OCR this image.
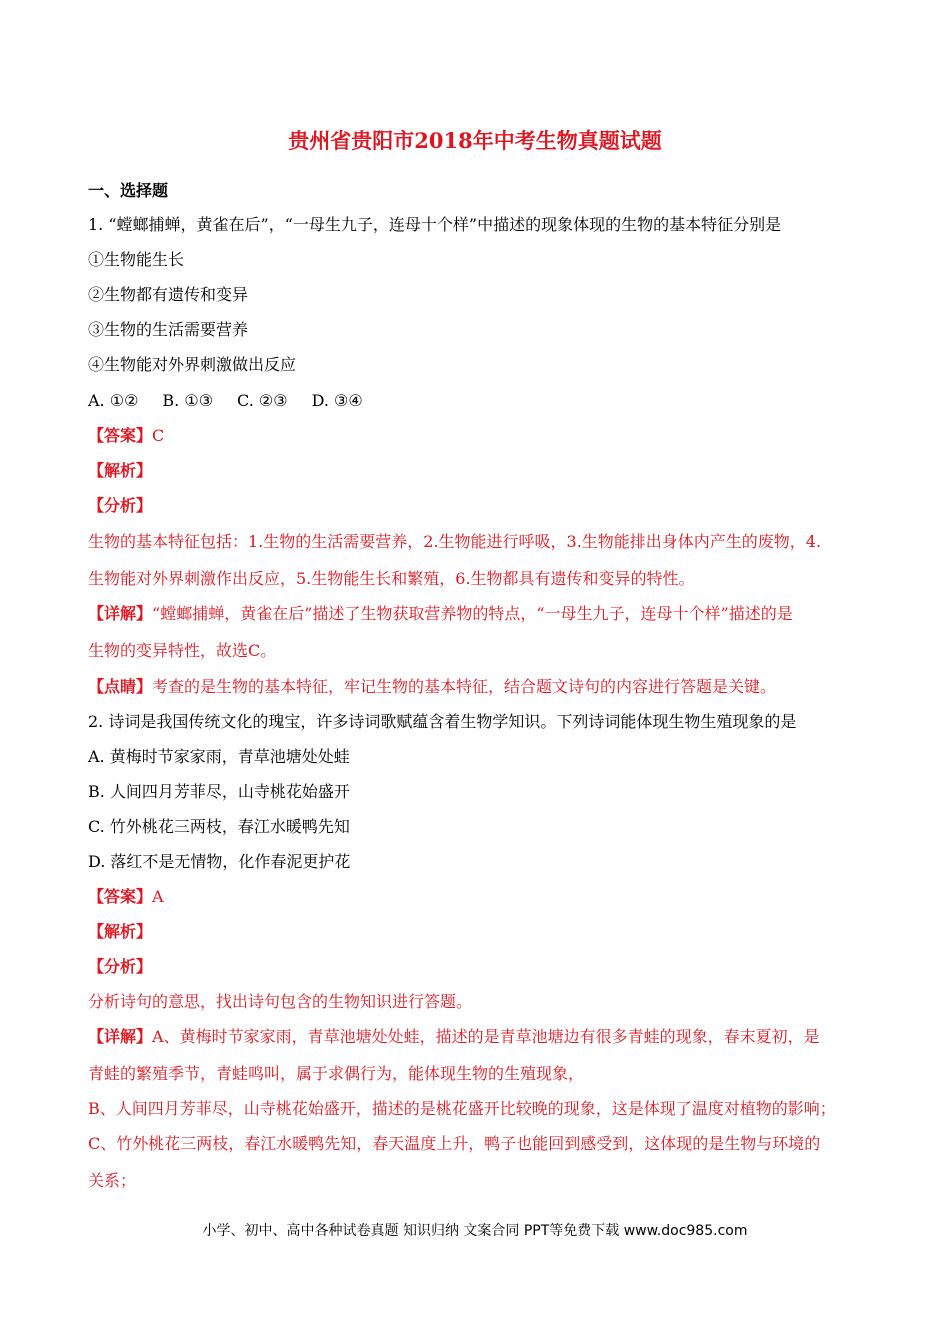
贵州省贵阳市2018年中考生物真题试题
一、选择题
1. “螳螂捕蝉，黄雀在后”，“一母生九子，连母十个样”中描述的现象体现的生物的基本特征分别是
①生物能生长
②生物都有遗传和变异
③生物的生活需要营养
④生物能对外界刺激做出反应
A. ①② B. ①③ C. ②③ D. ③④
【答案】C
【解析】
【分析】
生物的基本特征包括：1.生物的生活需要营养，2.生物能进行呼吸，3.生物能排出身体内产生的废物，4.
生物能对外界刺激作出反应，5.生物能生长和繁殖，6.生物都具有遗传和变异的特性。
【详解】“螳螂捕蝉，黄雀在后”描述了生物获取营养物的特点，“一母生九子，连母十个样”描述的是
生物的变异特性，故选C。
【点睛】考查的是生物的基本特征，牢记生物的基本特征，结合题文诗句的内容进行答题是关键。
2. 诗词是我国传统文化的瑰宝，许多诗词歌赋蕴含着生物学知识。下列诗词能体现生物生殖现象的是
A. 黄梅时节家家雨，青草池塘处处蛙
B. 人间四月芳菲尽，山寺桃花始盛开
C. 竹外桃花三两枝，春江水暖鸭先知
D. 落红不是无情物，化作春泥更护花
【答案】A
【解析】
【分析】
分析诗句的意思，找出诗句包含的生物知识进行答题。
【详解】A、黄梅时节家家雨，青草池塘处处蛙，描述的是青草池塘边有很多青蛙的现象，春末夏初，是
青蛙的繁殖季节，青蛙鸣叫，属于求偶行为，能体现生物的生殖现象，
B、人间四月芳菲尽，山寺桃花始盛开，描述的是桃花盛开比较晚的现象，这是体现了温度对植物的影响；
C、竹外桃花三两枝，春江水暖鸭先知，春天温度上升，鸭子也能回到感受到，这体现的是生物与环境的
关系；
小学、初中、高中各种试卷真题 知识归纳 文案合同 PPT等免费下载 www.doc985.com
